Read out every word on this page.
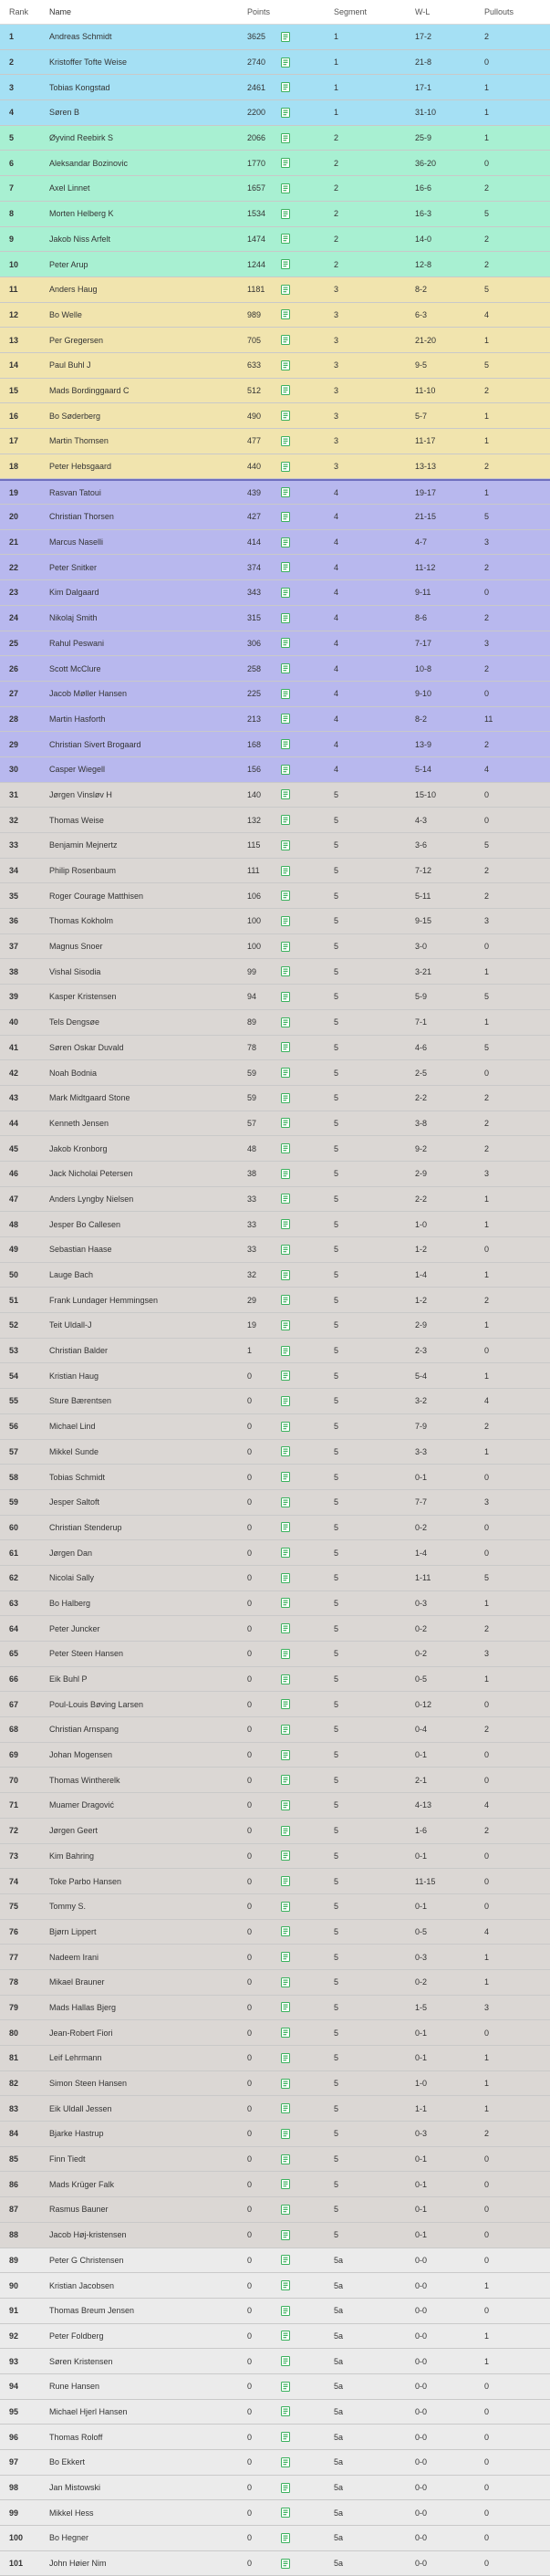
Rank	Name	Points	Segment	W-L	Pullouts
1	Andreas Schmidt	3625	1	17-2	2
2	Kristoffer Tofte Weise	2740	1	21-8	0
3	Tobias Kongstad	2461	1	17-1	1
4	Søren B	2200	1	31-10	1
5	Øyvind Reebirk S	2066	2	25-9	1
6	Aleksandar Bozinovic	1770	2	36-20	0
7	Axel Linnet	1657	2	16-6	2
8	Morten Helberg K	1534	2	16-3	5
9	Jakob Niss Arfelt	1474	2	14-0	2
10	Peter Arup	1244	2	12-8	2
11	Anders Haug	1181	3	8-2	5
12	Bo Welle	989	3	6-3	4
13	Per Gregersen	705	3	21-20	1
14	Paul Buhl J	633	3	9-5	5
15	Mads Bordinggaard C	512	3	11-10	2
16	Bo Søderberg	490	3	5-7	1
17	Martin Thomsen	477	3	11-17	1
18	Peter Hebsgaard	440	3	13-13	2
19	Rasvan Tatoui	439	4	19-17	1
20	Christian Thorsen	427	4	21-15	5
21	Marcus Naselli	414	4	4-7	3
22	Peter Snitker	374	4	11-12	2
23	Kim Dalgaard	343	4	9-11	0
24	Nikolaj Smith	315	4	8-6	2
25	Rahul Peswani	306	4	7-17	3
26	Scott McClure	258	4	10-8	2
27	Jacob Møller Hansen	225	4	9-10	0
28	Martin Hasforth	213	4	8-2	11
29	Christian Sivert Brogaard	168	4	13-9	2
30	Casper Wiegell	156	4	5-14	4
31	Jørgen Vinsløv H	140	5	15-10	0
32	Thomas Weise	132	5	4-3	0
33	Benjamin Mejnertz	115	5	3-6	5
34	Philip Rosenbaum	111	5	7-12	2
35	Roger Courage Matthisen	106	5	5-11	2
36	Thomas Kokholm	100	5	9-15	3
37	Magnus Snoer	100	5	3-0	0
38	Vishal Sisodia	99	5	3-21	1
39	Kasper Kristensen	94	5	5-9	5
40	Tels Dengsøe	89	5	7-1	1
41	Søren Oskar Duvald	78	5	4-6	5
42	Noah Bodnia	59	5	2-5	0
43	Mark Midtgaard Stone	59	5	2-2	2
44	Kenneth Jensen	57	5	3-8	2
45	Jakob Kronborg	48	5	9-2	2
46	Jack Nicholai Petersen	38	5	2-9	3
47	Anders Lyngby Nielsen	33	5	2-2	1
48	Jesper Bo Callesen	33	5	1-0	1
49	Sebastian Haase	33	5	1-2	0
50	Lauge Bach	32	5	1-4	1
51	Frank Lundager Hemmingsen	29	5	1-2	2
52	Teit Uldall-J	19	5	2-9	1
53	Christian Balder	1	5	2-3	0
54	Kristian Haug	0	5	5-4	1
55	Sture Bærentsen	0	5	3-2	4
56	Michael Lind	0	5	7-9	2
57	Mikkel Sunde	0	5	3-3	1
58	Tobias Schmidt	0	5	0-1	0
59	Jesper Saltoft	0	5	7-7	3
60	Christian Stenderup	0	5	0-2	0
61	Jørgen Dan	0	5	1-4	0
62	Nicolai Sally	0	5	1-11	5
63	Bo Halberg	0	5	0-3	1
64	Peter Juncker	0	5	0-2	2
65	Peter Steen Hansen	0	5	0-2	3
66	Eik Buhl P	0	5	0-5	1
67	Poul-Louis Bøving Larsen	0	5	0-12	0
68	Christian Arnspang	0	5	0-4	2
69	Johan Mogensen	0	5	0-1	0
70	Thomas Wintherelk	0	5	2-1	0
71	Muamer Dragović	0	5	4-13	4
72	Jørgen Geert	0	5	1-6	2
73	Kim Bahring	0	5	0-1	0
74	Toke Parbo Hansen	0	5	11-15	0
75	Tommy S.	0	5	0-1	0
76	Bjørn Lippert	0	5	0-5	4
77	Nadeem Irani	0	5	0-3	1
78	Mikael Brauner	0	5	0-2	1
79	Mads Hallas Bjerg	0	5	1-5	3
80	Jean-Robert Fiori	0	5	0-1	0
81	Leif Lehrmann	0	5	0-1	1
82	Simon Steen Hansen	0	5	1-0	1
83	Eik Uldall Jessen	0	5	1-1	1
84	Bjarke Hastrup	0	5	0-3	2
85	Finn Tiedt	0	5	0-1	0
86	Mads Krüger Falk	0	5	0-1	0
87	Rasmus Bauner	0	5	0-1	0
88	Jacob Høj-kristensen	0	5	0-1	0
89	Peter G Christensen	0	5a	0-0	0
90	Kristian Jacobsen	0	5a	0-0	1
91	Thomas Breum Jensen	0	5a	0-0	0
92	Peter Foldberg	0	5a	0-0	1
93	Søren Kristensen	0	5a	0-0	1
94	Rune Hansen	0	5a	0-0	0
95	Michael Hjerl Hansen	0	5a	0-0	0
96	Thomas Roloff	0	5a	0-0	0
97	Bo Ekkert	0	5a	0-0	0
98	Jan Mistowski	0	5a	0-0	0
99	Mikkel Hess	0	5a	0-0	0
100	Bo Hegner	0	5a	0-0	0
101	John Høier Nim	0	5a	0-0	0
